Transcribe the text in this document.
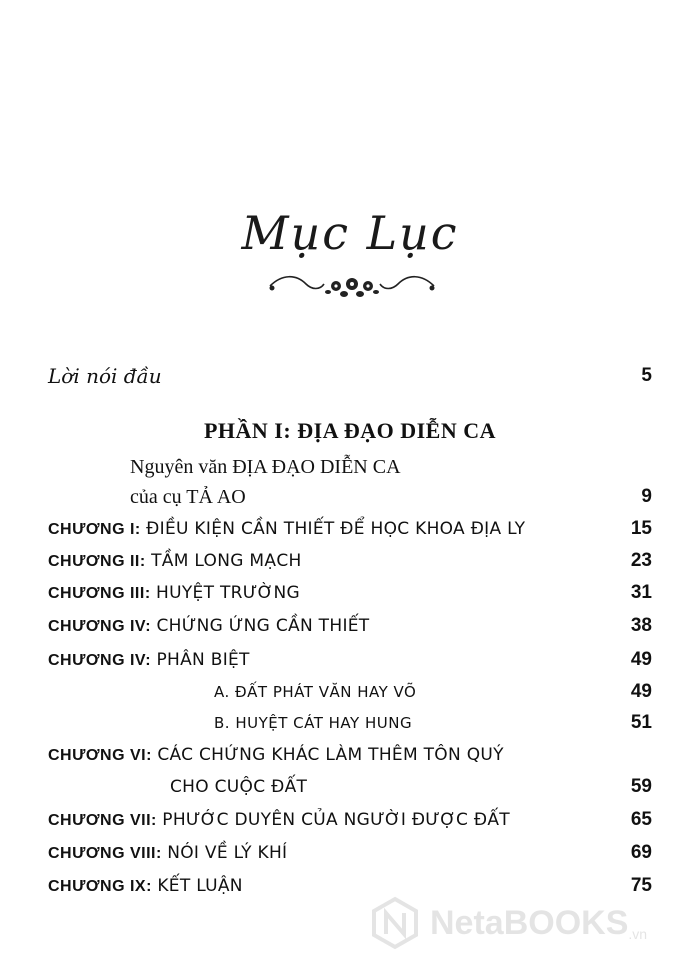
Mục Lục
Lời nói đầu	5
PHẦN I: ĐỊA ĐẠO DIỄN CA
Nguyên văn ĐỊA ĐẠO DIỄN CA
của cụ TẢ AO	9
CHƯƠNG I: ĐIỀU KIỆN CẦN THIẾT ĐỂ HỌC KHOA ĐỊA LY	15
CHƯƠNG II: TẦM LONG MẠCH	23
CHƯƠNG III: HUYỆT TRƯỜNG	31
CHƯƠNG IV: CHỨNG ỨNG CẦN THIẾT	38
CHƯƠNG IV: PHÂN BIỆT	49
A. ĐẤT PHÁT VĂN HAY VÕ	49
B. HUYỆT CÁT HAY HUNG	51
CHƯƠNG VI: CÁC CHỨNG KHÁC LÀM THÊM TÔN QUÝ
CHO CUỘC ĐẤT	59
CHƯƠNG VII: PHƯỚC DUYÊN CỦA NGƯỜI ĐƯỢC ĐẤT	65
CHƯƠNG VIII: NÓI VỀ LÝ KHÍ	69
CHƯƠNG IX: KẾT LUẬN	75
NetaBOOKS .vn
